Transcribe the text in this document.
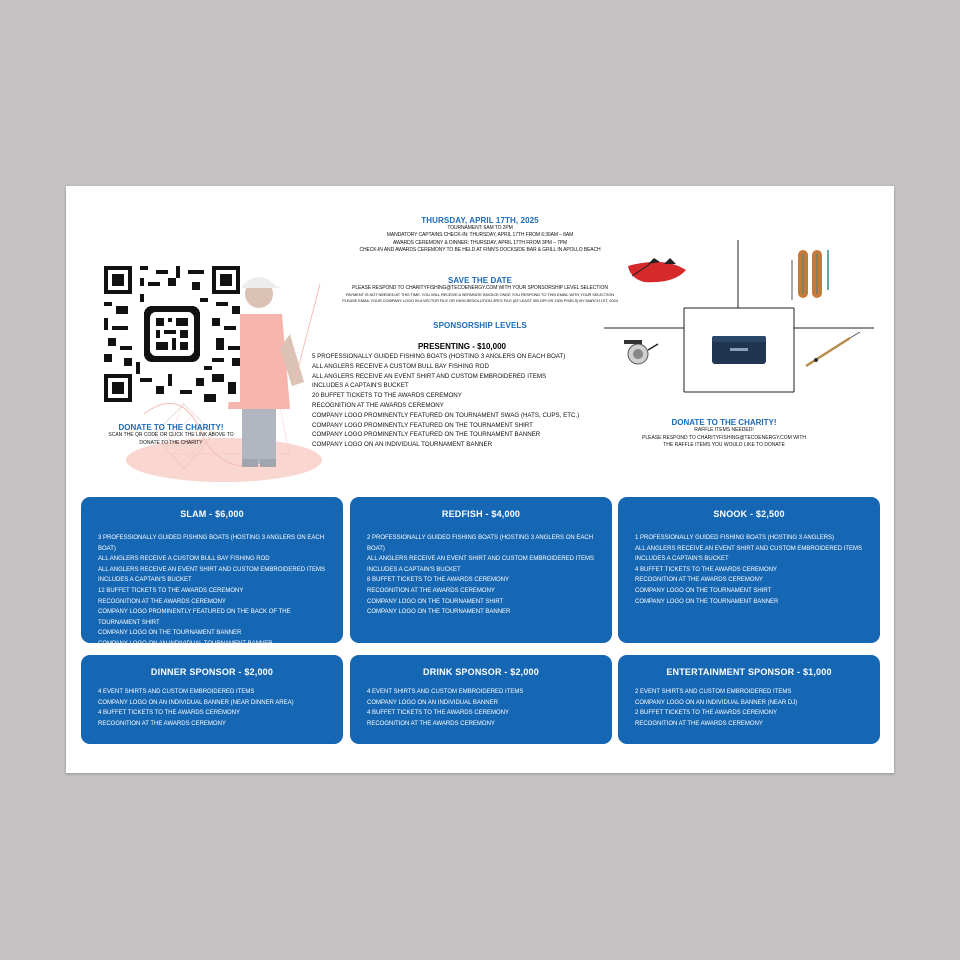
THURSDAY, APRIL 17TH, 2025
TOURNAMENT: 6AM TO 2PM
MANDATORY CAPTAINS CHECK-IN: THURSDAY, APRIL 17TH FROM 6:30AM – 8AM
AWARDS CEREMONY & DINNER: THURSDAY, APRIL 17TH FROM 3PM – 7PM
CHECK-IN AND AWARDS CEREMONY TO BE HELD AT FINN'S DOCKSIDE BAR & GRILL IN APOLLO BEACH
SAVE THE DATE
PLEASE RESPOND TO CHARITYFISHING@TECOENERGY.COM WITH YOUR SPONSORSHIP LEVEL SELECTION
PAYMENT IS NOT NEEDED AT THIS TIME. YOU WILL RECEIVE A SEPARATE INVOICE ONCE YOU RESPOND TO THIS EMAIL WITH YOUR SELECTION
PLEASE EMAIL YOUR COMPANY LOGO IN A VECTOR FILE OR HIGH-RESOLUTION JPEG FILE (AT LEAST 300 DPI OR 1300 PIXELS) BY MARCH 1ST, 2024
SPONSORSHIP LEVELS
PRESENTING - $10,000
5 PROFESSIONALLY GUIDED FISHING BOATS (HOSTING 3 ANGLERS ON EACH BOAT)
ALL ANGLERS RECEIVE A CUSTOM BULL BAY FISHING ROD
ALL ANGLERS RECEIVE AN EVENT SHIRT AND CUSTOM EMBROIDERED ITEMS
INCLUDES A CAPTAIN'S BUCKET
20 BUFFET TICKETS TO THE AWARDS CEREMONY
RECOGNITION AT THE AWARDS CEREMONY
COMPANY LOGO PROMINENTLY FEATURED ON TOURNAMENT SWAG (HATS, CUPS, ETC.)
COMPANY LOGO PROMINENTLY FEATURED ON THE TOURNAMENT SHIRT
COMPANY LOGO PROMINENTLY FEATURED ON THE TOURNAMENT BANNER
COMPANY LOGO ON AN INDIVIDUAL TOURNAMENT BANNER
DONATE TO THE CHARITY!
SCAN THE QR CODE OR CLICK THE LINK ABOVE TO
DONATE TO THE CHARITY
DONATE TO THE CHARITY!
RAFFLE ITEMS NEEDED!
PLEASE RESPOND TO CHARITYFISHING@TECOENERGY.COM WITH
THE RAFFLE ITEMS YOU WOULD LIKE TO DONATE
SLAM - $6,000
3 PROFESSIONALLY GUIDED FISHING BOATS (HOSTING 3 ANGLERS ON EACH BOAT)
ALL ANGLERS RECEIVE A CUSTOM BULL BAY FISHING ROD
ALL ANGLERS RECEIVE AN EVENT SHIRT AND CUSTOM EMBROIDERED ITEMS
INCLUDES A CAPTAIN'S BUCKET
12 BUFFET TICKETS TO THE AWARDS CEREMONY
RECOGNITION AT THE AWARDS CEREMONY
COMPANY LOGO PROMINENTLY FEATURED ON THE BACK OF THE TOURNAMENT SHIRT
COMPANY LOGO ON THE TOURNAMENT BANNER
COMPANY LOGO ON AN INDIVIDUAL TOURNAMENT BANNER
REDFISH - $4,000
2 PROFESSIONALLY GUIDED FISHING BOATS (HOSTING 3 ANGLERS ON EACH BOAT)
ALL ANGLERS RECEIVE AN EVENT SHIRT AND CUSTOM EMBROIDERED ITEMS
INCLUDES A CAPTAIN'S BUCKET
8 BUFFET TICKETS TO THE AWARDS CEREMONY
RECOGNITION AT THE AWARDS CEREMONY
COMPANY LOGO ON THE TOURNAMENT SHIRT
COMPANY LOGO ON THE TOURNAMENT BANNER
SNOOK - $2,500
1 PROFESSIONALLY GUIDED FISHING BOATS (HOSTING 3 ANGLERS)
ALL ANGLERS RECEIVE AN EVENT SHIRT AND CUSTOM EMBROIDERED ITEMS
INCLUDES A CAPTAIN'S BUCKET
4 BUFFET TICKETS TO THE AWARDS CEREMONY
RECOGNITION AT THE AWARDS CEREMONY
COMPANY LOGO ON THE TOURNAMENT SHIRT
COMPANY LOGO ON THE TOURNAMENT BANNER
DINNER SPONSOR - $2,000
4 EVENT SHIRTS AND CUSTOM EMBROIDERED ITEMS
COMPANY LOGO ON AN INDIVIDUAL BANNER (NEAR DINNER AREA)
4 BUFFET TICKETS TO THE AWARDS CEREMONY
RECOGNITION AT THE AWARDS CEREMONY
DRINK SPONSOR - $2,000
4 EVENT SHIRTS AND CUSTOM EMBROIDERED ITEMS
COMPANY LOGO ON AN INDIVIDUAL BANNER
4 BUFFET TICKETS TO THE AWARDS CEREMONY
RECOGNITION AT THE AWARDS CEREMONY
ENTERTAINMENT SPONSOR - $1,000
2 EVENT SHIRTS AND CUSTOM EMBROIDERED ITEMS
COMPANY LOGO ON AN INDIVIDUAL BANNER (NEAR DJ)
2 BUFFET TICKETS TO THE AWARDS CEREMONY
RECOGNITION AT THE AWARDS CEREMONY
